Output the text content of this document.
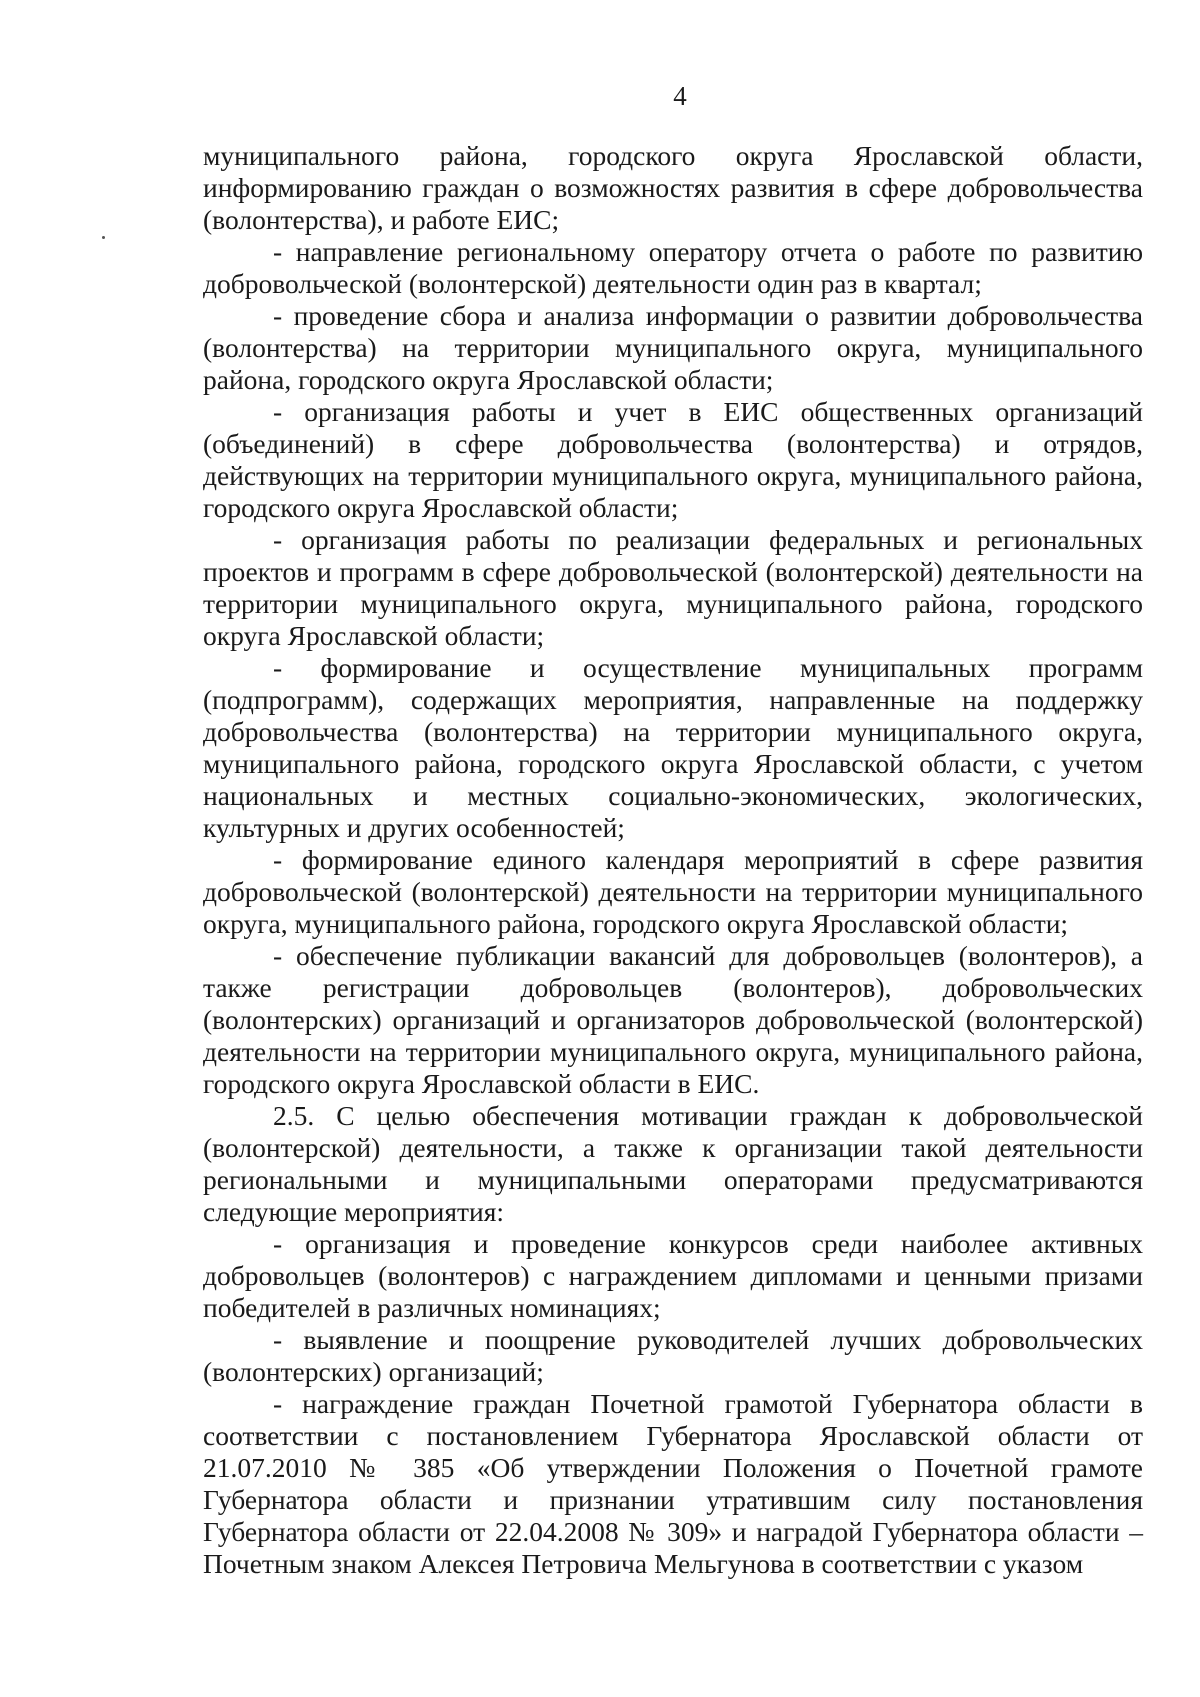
4

муниципального района, городского округа Ярославской области, информированию граждан о возможностях развития в сфере добровольчества (волонтерства), и работе ЕИС;

- направление региональному оператору отчета о работе по развитию добровольческой (волонтерской) деятельности один раз в квартал;

- проведение сбора и анализа информации о развитии добровольчества (волонтерства) на территории муниципального округа, муниципального района, городского округа Ярославской области;

- организация работы и учет в ЕИС общественных организаций (объединений) в сфере добровольчества (волонтерства) и отрядов, действующих на территории муниципального округа, муниципального района, городского округа Ярославской области;

- организация работы по реализации федеральных и региональных проектов и программ в сфере добровольческой (волонтерской) деятельности на территории муниципального округа, муниципального района, городского округа Ярославской области;

- формирование и осуществление муниципальных программ (подпрограмм), содержащих мероприятия, направленные на поддержку добровольчества (волонтерства) на территории муниципального округа, муниципального района, городского округа Ярославской области, с учетом национальных и местных социально-экономических, экологических, культурных и других особенностей;

- формирование единого календаря мероприятий в сфере развития добровольческой (волонтерской) деятельности на территории муниципального округа, муниципального района, городского округа Ярославской области;

- обеспечение публикации вакансий для добровольцев (волонтеров), а также регистрации добровольцев (волонтеров), добровольческих (волонтерских) организаций и организаторов добровольческой (волонтерской) деятельности на территории муниципального округа, муниципального района, городского округа Ярославской области в ЕИС.

2.5. С целью обеспечения мотивации граждан к добровольческой (волонтерской) деятельности, а также к организации такой деятельности региональными и муниципальными операторами предусматриваются следующие мероприятия:

- организация и проведение конкурсов среди наиболее активных добровольцев (волонтеров) с награждением дипломами и ценными призами победителей в различных номинациях;

- выявление и поощрение руководителей лучших добровольческих (волонтерских) организаций;

- награждение граждан Почетной грамотой Губернатора области в соответствии с постановлением Губернатора Ярославской области от 21.07.2010 № 385 «Об утверждении Положения о Почетной грамоте Губернатора области и признании утратившим силу постановления Губернатора области от 22.04.2008 № 309» и наградой Губернатора области – Почетным знаком Алексея Петровича Мельгунова в соответствии с указом
